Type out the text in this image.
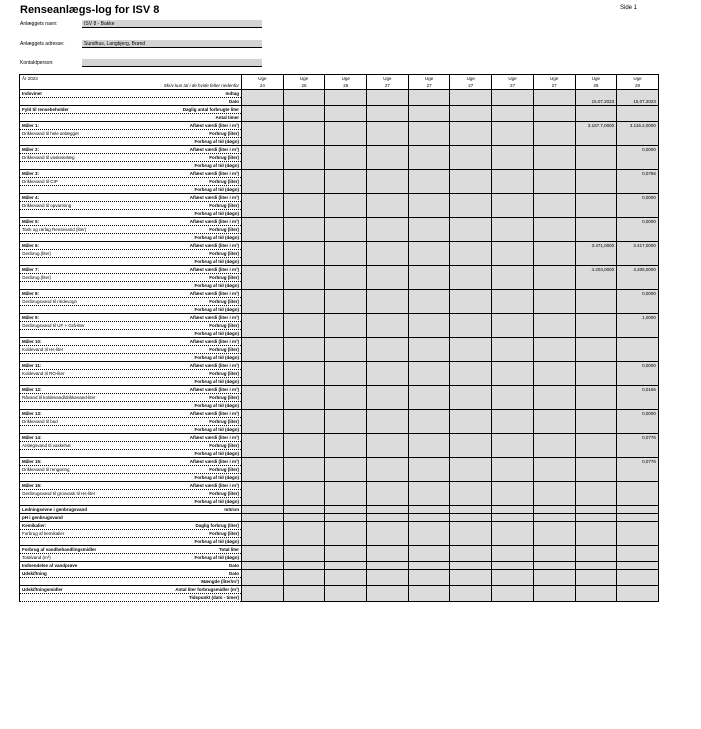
Renseanlægs-log for ISV 8	Side 1
Anlæggets navn:	ISV 8 - Bakke
Anlæggets adresse:	Sundhus, Langbjerg, Brønd
Kontaktperson:
År 2023	Uge	Uge	Uge	Uge	Uge	Uge	Uge	Uge	Uge	Uge
Skriv kun tal i de hvide felter nedenfor	24	25	26	27	27	27	27	27	28	28

Indsvinet Indtag										
Dato									15.07.2023	15.07.2023

Fyld til rensebeholder Daglig antal forbrugte liter										
Antal timer										

Måler 1: Aflæst værdi (liter i m³)									3.157.7,0000	3.116.2,0000

Drikkevand til hele anlægget Forbrug (liter)										
Forbrug af tid (døgn)										

Måler 2: Aflæst værdi (liter i m³)										0,0000

Drikkevand til vaskeanlæg Forbrug (liter)										
Forbrug af tid (døgn)										

Måler 3: Aflæst værdi (liter i m³)										0,0756

Drikkevand til CIP Forbrug (liter)										
Forbrug af tid (døgn)										

Måler 4: Aflæst værdi (liter i m³)										0,0000

Drikkevand til opvarming Forbrug (liter)										
Forbrug af tid (døgn)										

Måler 5: Aflæst værdi (liter i m³)										0,0000

Tank og rørlag Rensevand (liter) Forbrug (liter)										
Forbrug af tid (døgn)										

Måler 6: Aflæst værdi (liter i m³)									3.471,0000	3.417,0000

Genbrug (liter) Forbrug (liter)										
Forbrug af tid (døgn)										

Måler 7: Aflæst værdi (liter i m³)									4.204,0000	4.206,0000

Genbrug (liter) Forbrug (liter)										
Forbrug af tid (døgn)										

Måler 8: Aflæst værdi (liter i m³)										0,0000

Genbrugsvand til rindevogn Forbrug (liter)										
Forbrug af tid (døgn)										

Måler 9: Aflæst værdi (liter i m³)										1,0000

Genbrugsvand til UF + Grå-liter Forbrug (liter)										
Forbrug af tid (døgn)										

Måler 10: Aflæst værdi (liter i m³)										

Koldevand til Hs-liter Forbrug (liter)										
Forbrug af tid (døgn)										

Måler 11: Aflæst værdi (liter i m³)										0,0000

Koldevand til RO-liter Forbrug (liter)										
Forbrug af tid (døgn)										

Måler 12: Aflæst værdi (liter i m³)										0,0166

Råvand til koldevand/drikkevand-liter Forbrug (liter)										
Forbrug af tid (døgn)										

Måler 13: Aflæst værdi (liter i m³)										0,0000

Drikkevand til bad Forbrug (liter)										
Forbrug af tid (døgn)										

Måler 14: Aflæst værdi (liter i m³)										0,0776

Anlægsvand til vaskehal Forbrug (liter)										
Forbrug af tid (døgn)										

Måler 15: Aflæst værdi (liter i m³)										0,0776

Drikkevand til rengøring Forbrug (liter)										
Forbrug af tid (døgn)										

Måler 16: Aflæst værdi (liter i m³)										

Genbrugsvand til grovvask til Hs-liter Forbrug (liter)										
Forbrug af tid (døgn)										

Ledningsevne i genbrugsvand mS/cm										

pH i genbrugsvand										

Kemikalier: Daglig forbrug (liter)										

Forbrug af kemikalier Forbrug (liter)										
Forbrug af tid (døgn)										

Forbrug af vandbehandlingsmidler Total liter										

Totalvand (m³) Forbrug af tid (døgn)										

Indsendelse af vandprøve Dato										

Udskiftning Dato										
Mængde (liter/m³)										

Udskiftningsmidler Antal liter forbrugsmidler (m³)										
Tidspunkt (dato - timer)										
